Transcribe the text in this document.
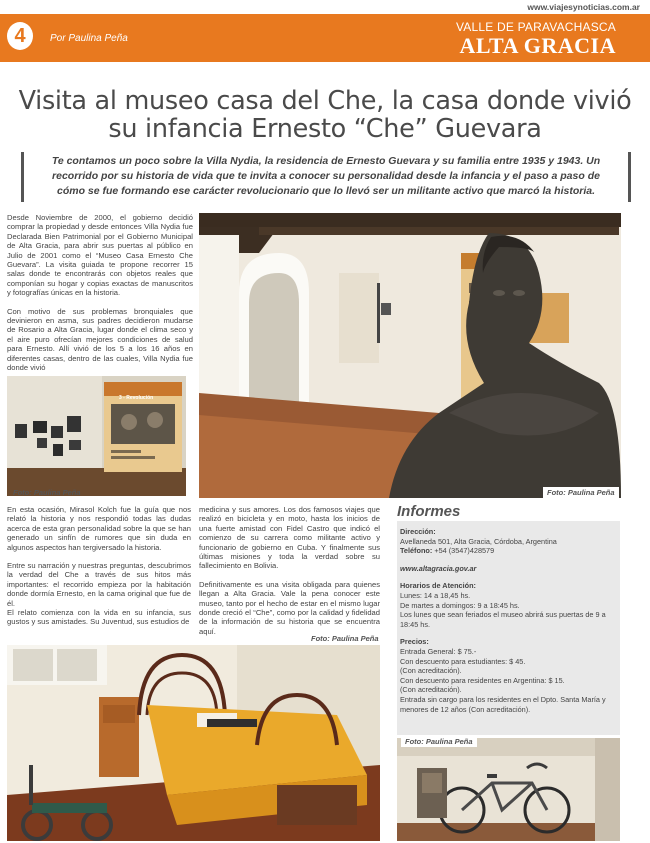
www.viajesynoticias.com.ar
4	Por Paulina Peña
VALLE DE PARAVACHASCA
ALTA GRACIA
Visita al museo casa del Che, la casa donde vivió
su infancia Ernesto “Che” Guevara
Te contamos un poco sobre la Villa Nydia, la residencia de Ernesto Guevara y su familia entre 1935 y 1943. Un recorrido por su historia de vida que te invita a conocer su personalidad desde la infancia y el paso a paso de cómo se fue formando ese carácter revolucionario que lo llevó ser un militante activo que marcó la historia.

Desde Noviembre de 2000, el gobierno decidió comprar la propiedad y desde entonces Villa Nydia fue Declarada Bien Patrimonial por el Gobierno Municipal de Alta Gracia, para abrir sus puertas al público en Julio de 2001 como el “Museo Casa Ernesto Che Guevara”. La visita guiada te propone recorrer 15 salas donde te encontrarás con objetos reales que componían su hogar y copias exactas de manuscritos y fotografías únicas en la historia.

Con motivo de sus problemas bronquiales que devinieron en asma, sus padres decidieron mudarse de Rosario a Alta Gracia, lugar donde el clima seco y el aire puro ofrecían mejores condiciones de salud para Ernesto. Allí vivió de los 5 a los 16 años en diferentes casas, dentro de las cuales, Villa Nydia fue donde vivió

3 - Revolución
Foto: Paulina Peña	Foto: Paulina Peña

En esta ocasión, Mirasol Kolch fue la guía que nos relató la historia y nos respondió todas las dudas acerca de esta gran personalidad sobre la que se han generado un sinfín de rumores que sin duda en algunos aspectos han tergiversado la historia.

Entre su narración y nuestras preguntas, descubrimos la verdad del Che a través de sus hitos más importantes: el recorrido empieza por la habitación donde dormía Ernesto, en la cama original que fue de él.

El relato comienza con la vida en su infancia, sus gustos y sus amistades. Su Juventud, sus estudios de

medicina y sus amores. Los dos famosos viajes que realizó en bicicleta y en moto, hasta los inicios de una fuerte amistad con Fidel Castro que indicó el comienzo de su carrera como militante activo y funcionario de gobierno en Cuba. Y finalmente sus últimas misiones y toda la verdad sobre su fallecimiento en Bolivia.

Definitivamente es una visita obligada para quienes llegan a Alta Gracia. Vale la pena conocer este museo, tanto por el hecho de estar en el mismo lugar donde creció el “Che”, como por la calidad y fidelidad de la información de su historia que se encuentra aquí.

Foto: Paulina Peña
Informes
Dirección:
Avellaneda 501, Alta Gracia, Córdoba, Argentina
Teléfono: +54 (3547)428579
www.altagracia.gov.ar
Horarios de Atención:
Lunes: 14 a 18,45 hs.
De martes a domingos: 9 a 18:45 hs.
Los lunes que sean feriados el museo abrirá sus puertas de 9 a 18:45 hs.
Precios:
Entrada General: $ 75.-
Con descuento para estudiantes: $ 45.
(Con acreditación).
Con descuento para residentes en Argentina: $ 15.
(Con acreditación).
Entrada sin cargo para los residentes en el Dpto. Santa María y menores de 12 años (Con acreditación).
Foto: Paulina Peña
